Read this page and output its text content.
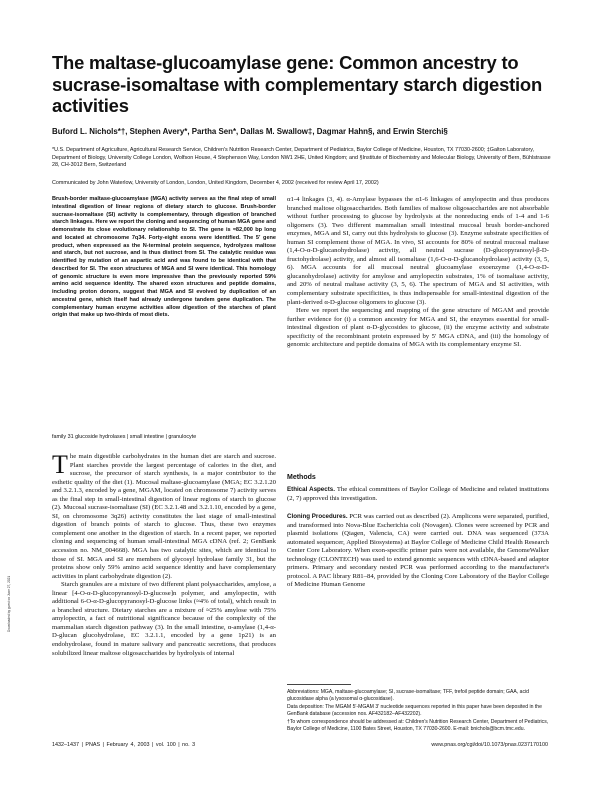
The maltase-glucoamylase gene: Common ancestry to sucrase-isomaltase with complementary starch digestion activities
Buford L. Nichols*†, Stephen Avery*, Partha Sen*, Dallas M. Swallow‡, Dagmar Hahn§, and Erwin Sterchi§
*U.S. Department of Agriculture, Agricultural Research Service, Children's Nutrition Research Center, Department of Pediatrics, Baylor College of Medicine, Houston, TX 77030-2600; ‡Galton Laboratory, Department of Biology, University College London, Wolfson House, 4 Stephenson Way, London NW1 2HE, United Kingdom; and §Institute of Biochemistry and Molecular Biology, University of Bern, Bühlstrasse 28, CH-3012 Bern, Switzerland
Communicated by John Waterlow, University of London, London, United Kingdom, December 4, 2002 (received for review April 17, 2002)
Brush-border maltase-glucoamylase (MGA) activity serves as the final step of small intestinal digestion of linear regions of dietary starch to glucose. Brush-border sucrase-isomaltase (SI) activity is complementary, through digestion of branched starch linkages. Here we report the cloning and sequencing of human MGA gene and demonstrate its close evolutionary relationship to SI. The gene is ≈82,000 bp long and located at chromosome 7q34. Forty-eight exons were identified. The 5′ gene product, when expressed as the N-terminal protein sequence, hydrolyzes maltose and starch, but not sucrose, and is thus distinct from SI. The catalytic residue was identified by mutation of an aspartic acid and was found to be identical with that described for SI. The exon structures of MGA and SI were identical. This homology of genomic structure is even more impressive than the previously reported 59% amino acid sequence identity. The shared exon structures and peptide domains, including proton donors, suggest that MGA and SI evolved by duplication of an ancestral gene, which itself had already undergone tandem gene duplication. The complementary human enzyme activities allow digestion of the starches of plant origin that make up two-thirds of most diets.
family 31 glucoside hydrolases | small intestine | granulocyte

The main digestible carbohydrates in the human diet are starch and sucrose. Plant starches provide the largest percentage of calories in the diet, and sucrose, the precursor of starch synthesis, is a major contributor to the esthetic quality of the diet (1). Mucosal maltase-glucoamylase (MGA; EC 3.2.1.20 and 3.2.1.3, encoded by a gene, MGAM, located on chromosome 7) activity serves as the final step in small-intestinal digestion of linear regions of starch to glucose (2). Mucosal sucrase-isomaltase (SI) (EC 3.2.1.48 and 3.2.1.10, encoded by a gene, SI, on chromosome 3q26) activity constitutes the last stage of small-intestinal digestion of branch points of starch to glucose. Thus, these two enzymes complement one another in the digestion of starch. In a recent paper, we reported cloning and sequencing of human small-intestinal MGA cDNA (ref. 2; GenBank accession no. NM_004668). MGA has two catalytic sites, which are identical to those of SI. MGA and SI are members of glycosyl hydrolase family 31, but the proteins show only 59% amino acid sequence identity and have complementary activities in plant carbohydrate digestion (2).

Starch granules are a mixture of two different plant polysaccharides, amylose, a linear [4-O-α-D-glucopyranosyl-D-glucose]n polymer, and amylopectin, with additional 6-O-α-D-glucopyranosyl-D-glucose links (≈4% of total), which result in a branched structure. Dietary starches are a mixture of ≈25% amylose with 75% amylopectin, a fact of nutritional significance because of the complexity of the mammalian starch digestion pathway (3). In the small intestine, α-amylase (1,4-α-D-glucan glucohydrolase, EC 3.2.1.1, encoded by a gene 1p21) is an endohydrolase, found in mature salivary and pancreatic secretions, that produces solubilized linear maltose oligosaccharides by hydrolysis of internal

α1-4 linkages (3, 4). α-Amylase bypasses the α1-6 linkages of amylopectin and thus produces branched maltose oligosaccharides. Both families of maltose oligosaccharides are not absorbable without further processing to glucose by hydrolysis at the nonreducing ends of 1-4 and 1-6 oligomers (3). Two different mammalian small intestinal mucosal brush border-anchored enzymes, MGA and SI, carry out this hydrolysis to glucose (3). Enzyme substrate specificities of human SI complement those of MGA. In vivo, SI accounts for 80% of neutral mucosal maltase (1,4-O-α-D-glucanohydrolase) activity, all neutral sucrase (D-glucopyranosyl-β-D-fructohydrolase) activity, and almost all isomaltase (1,6-O-α-D-glucanohydrolase) activity (3, 5, 6). MGA accounts for all mucosal neutral glucoamylase exoenzyme (1,4-O-α-D-glucanohydrolase) activity for amylose and amylopectin substrates, 1% of isomaltase activity, and 20% of neutral maltase activity (3, 5, 6). The spectrum of MGA and SI activities, with complementary substrate specificities, is thus indispensable for small-intestinal digestion of the plant-derived α-D-glucose oligomers to glucose (3).

Here we report the sequencing and mapping of the gene structure of MGAM and provide further evidence for (i) a common ancestry for MGA and SI, the enzymes essential for small-intestinal digestion of plant α-D-glycosides to glucose, (ii) the enzyme activity and substrate specificity of the recombinant protein expressed by 5′ MGA cDNA, and (iii) the homology of genomic architecture and peptide domains of MGA with its complementary enzyme SI.

Methods
Ethical Aspects. The ethical committees of Baylor College of Medicine and related institutions (2, 7) approved this investigation.
Cloning Procedures. PCR was carried out as described (2). Amplicons were separated, purified, and transformed into Nova-Blue Escherichia coli (Novagen). Clones were screened by PCR and plasmid isolations (Qiagen, Valencia, CA) were carried out. DNA was sequenced (373A automated sequencer, Applied Biosystems) at Baylor College of Medicine Child Health Research Center Core Laboratory. When exon-specific primer pairs were not available, the GenomeWalker technology (CLONTECH) was used to extend genomic sequences with cDNA-based and adaptor primers. Primary and secondary nested PCR was performed according to the manufacturer's protocol. A PAC library R81–84, provided by the Cloning Core Laboratory of the Baylor College of Medicine Human Genome
Abbreviations: MGA, maltase-glucoamylase; SI, sucrase-isomaltase; TFF, trefoil peptide domain; GAA, acid glucosidase alpha (a lysosomal α-glucosidase).
Data deposition: The MGAM 5′-MGAM 3′ nucleotide sequences reported in this paper have been deposited in the GenBank database (accession nos. AF432182–AF432202).
†To whom correspondence should be addressed at: Children's Nutrition Research Center, Department of Pediatrics, Baylor College of Medicine, 1100 Bates Street, Houston, TX 77030-2600. E-mail: bnichols@bcm.tmc.edu.
1432–1437 | PNAS | February 4, 2003 | vol. 100 | no. 3	www.pnas.org/cgi/doi/10.1073/pnas.0237170100
Downloaded by guest on June 27, 2021
